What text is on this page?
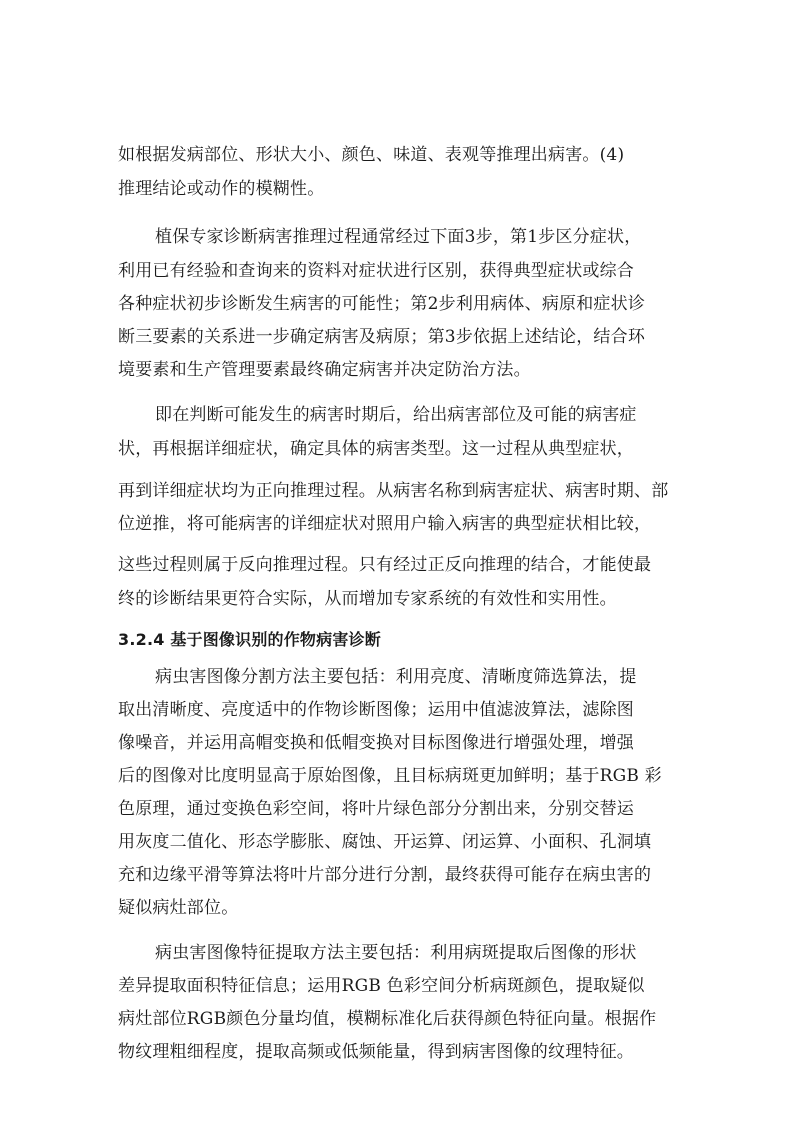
如根据发病部位、形状大小、颜色、味道、表观等推理出病害。(4)
推理结论或动作的模糊性。
植保专家诊断病害推理过程通常经过下面3步，第1步区分症状，
利用已有经验和查询来的资料对症状进行区别，获得典型症状或综合
各种症状初步诊断发生病害的可能性；第2步利用病体、病原和症状诊
断三要素的关系进一步确定病害及病原；第3步依据上述结论，结合环
境要素和生产管理要素最终确定病害并决定防治方法。
即在判断可能发生的病害时期后，给出病害部位及可能的病害症
状，再根据详细症状，确定具体的病害类型。这一过程从典型症状，
再到详细症状均为正向推理过程。从病害名称到病害症状、病害时期、部
位逆推，将可能病害的详细症状对照用户输入病害的典型症状相比较，
这些过程则属于反向推理过程。只有经过正反向推理的结合，才能使最
终的诊断结果更符合实际，从而增加专家系统的有效性和实用性。
3.2.4 基于图像识别的作物病害诊断
病虫害图像分割方法主要包括：利用亮度、清晰度筛选算法，提
取出清晰度、亮度适中的作物诊断图像；运用中值滤波算法，滤除图
像噪音，并运用高帽变换和低帽变换对目标图像进行增强处理，增强
后的图像对比度明显高于原始图像，且目标病斑更加鲜明；基于RGB 彩
色原理，通过变换色彩空间，将叶片绿色部分分割出来，分别交替运
用灰度二值化、形态学膨胀、腐蚀、开运算、闭运算、小面积、孔洞填
充和边缘平滑等算法将叶片部分进行分割，最终获得可能存在病虫害的
疑似病灶部位。
病虫害图像特征提取方法主要包括：利用病斑提取后图像的形状
差异提取面积特征信息；运用RGB 色彩空间分析病斑颜色，提取疑似
病灶部位RGB颜色分量均值，模糊标准化后获得颜色特征向量。根据作
物纹理粗细程度，提取高频或低频能量，得到病害图像的纹理特征。
